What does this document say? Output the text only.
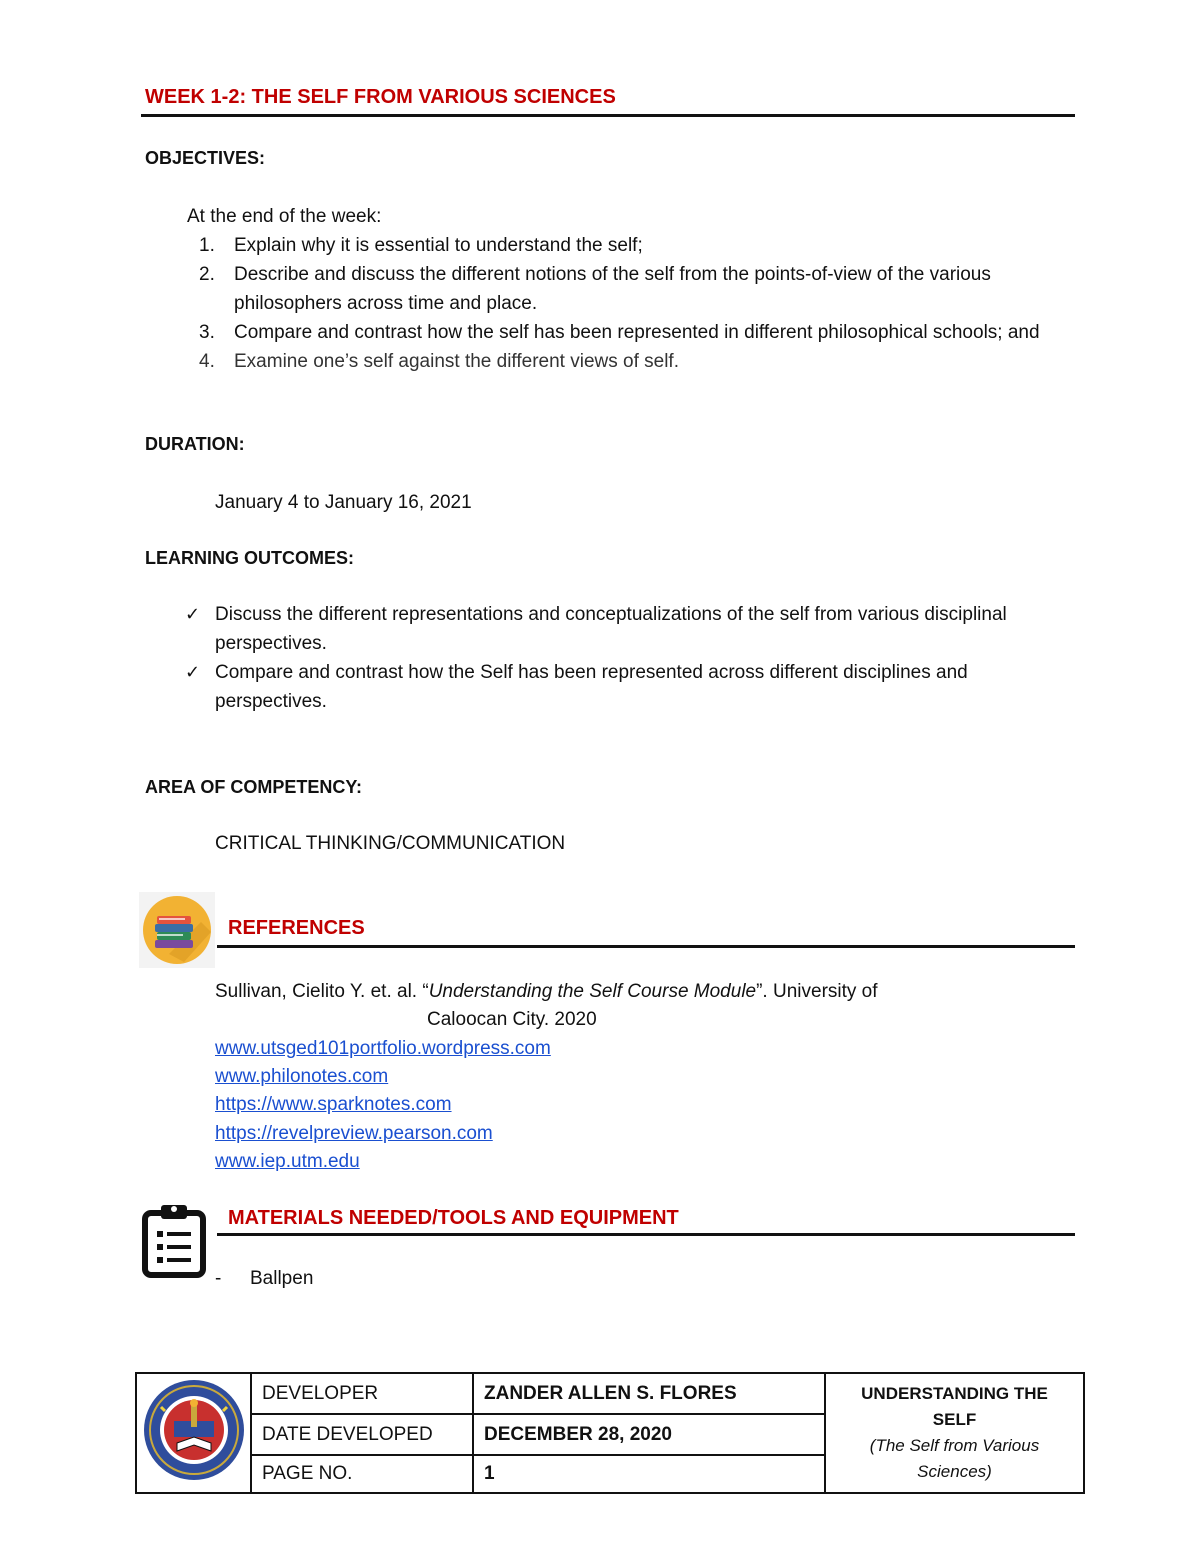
WEEK 1-2: THE SELF FROM VARIOUS SCIENCES
OBJECTIVES:
At the end of the week:
1. Explain why it is essential to understand the self;
2. Describe and discuss the different notions of the self from the points-of-view of the various philosophers across time and place.
3. Compare and contrast how the self has been represented in different philosophical schools; and
4. Examine one’s self against the different views of self.
DURATION:
January 4 to January 16, 2021
LEARNING OUTCOMES:
✓ Discuss the different representations and conceptualizations of the self from various disciplinal perspectives.
✓ Compare and contrast how the Self has been represented across different disciplines and perspectives.
AREA OF COMPETENCY:
CRITICAL THINKING/COMMUNICATION
REFERENCES
Sullivan, Cielito Y. et. al. “Understanding the Self Course Module”. University of
Caloocan City. 2020
www.utsged101portfolio.wordpress.com
www.philonotes.com
https://www.sparknotes.com
https://revelpreview.pearson.com
www.iep.utm.edu
MATERIALS NEEDED/TOOLS AND EQUIPMENT
- Ballpen
	DEVELOPER	ZANDER ALLEN S. FLORES	UNDERSTANDING THE SELF
(The Self from Various Sciences)

	DATE DEVELOPED	DECEMBER 28, 2020	
	PAGE NO.	1	
